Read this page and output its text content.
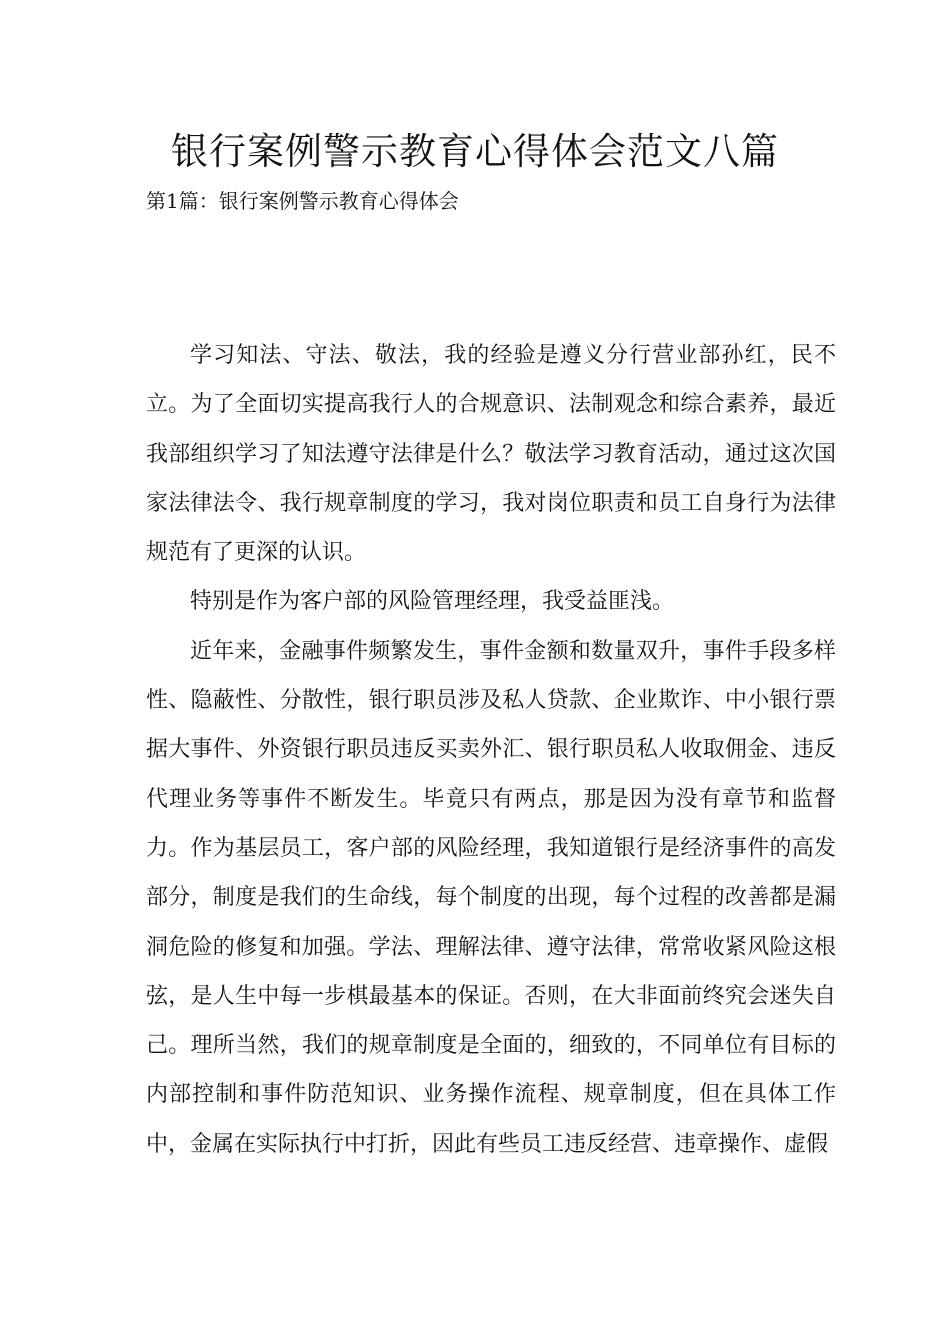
银行案例警示教育心得体会范文八篇
第1篇：银行案例警示教育心得体会

学习知法、守法、敬法，我的经验是遵义分行营业部孙红，民不立。为了全面切实提高我行人的合规意识、法制观念和综合素养，最近我部组织学习了知法遵守法律是什么？敬法学习教育活动，通过这次国家法律法令、我行规章制度的学习，我对岗位职责和员工自身行为法律规范有了更深的认识。

特别是作为客户部的风险管理经理，我受益匪浅。

近年来，金融事件频繁发生，事件金额和数量双升，事件手段多样性、隐蔽性、分散性，银行职员涉及私人贷款、企业欺诈、中小银行票据大事件、外资银行职员违反买卖外汇、银行职员私人收取佣金、违反代理业务等事件不断发生。毕竟只有两点，那是因为没有章节和监督力。作为基层员工，客户部的风险经理，我知道银行是经济事件的高发部分，制度是我们的生命线，每个制度的出现，每个过程的改善都是漏洞危险的修复和加强。学法、理解法律、遵守法律，常常收紧风险这根弦，是人生中每一步棋最基本的保证。否则，在大非面前终究会迷失自己。理所当然，我们的规章制度是全面的，细致的，不同单位有目标的内部控制和事件防范知识、业务操作流程、规章制度，但在具体工作中，金属在实际执行中打折，因此有些员工违反经营、违章操作、虚假
